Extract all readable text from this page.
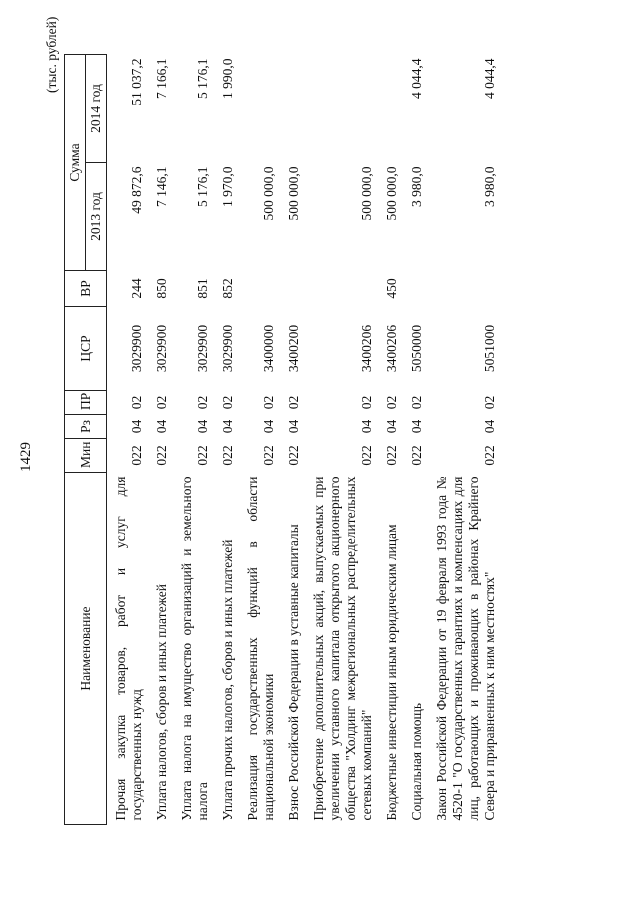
1429
(тыс. рублей)
Наименование	Мин	Рз	ПР	ЦСР	ВР	Сумма	
						2013 год	2014 год
Прочая закупка товаров, работ и услуг для государственных нужд	022	04	02	3029900	244	49 872,6	51 037,2
Уплата налогов, сборов и иных платежей	022	04	02	3029900	850	7 146,1	7 166,1
Уплата налога на имущество организаций и земельного налога	022	04	02	3029900	851	5 176,1	5 176,1
Уплата прочих налогов, сборов и иных платежей	022	04	02	3029900	852	1 970,0	1 990,0
Реализация государственных функций в области национальной экономики	022	04	02	3400000		500 000,0	
Взнос Российской Федерации в уставные капиталы	022	04	02	3400200		500 000,0	
Приобретение дополнительных акций, выпускаемых при увеличении уставного капитала открытого акционерного общества "Холдинг межрегиональных распределительных сетевых компаний"	022	04	02	3400206		500 000,0	
Бюджетные инвестиции иным юридическим лицам	022	04	02	3400206	450	500 000,0	
Социальная помощь	022	04	02	5050000		3 980,0	4 044,4
Закон Российской Федерации от 19 февраля 1993 года № 4520-1 "О государственных гарантиях и компенсациях для лиц, работающих и проживающих в районах Крайнего Севера и приравненных к ним местностях"	022	04	02	5051000		3 980,0	4 044,4
